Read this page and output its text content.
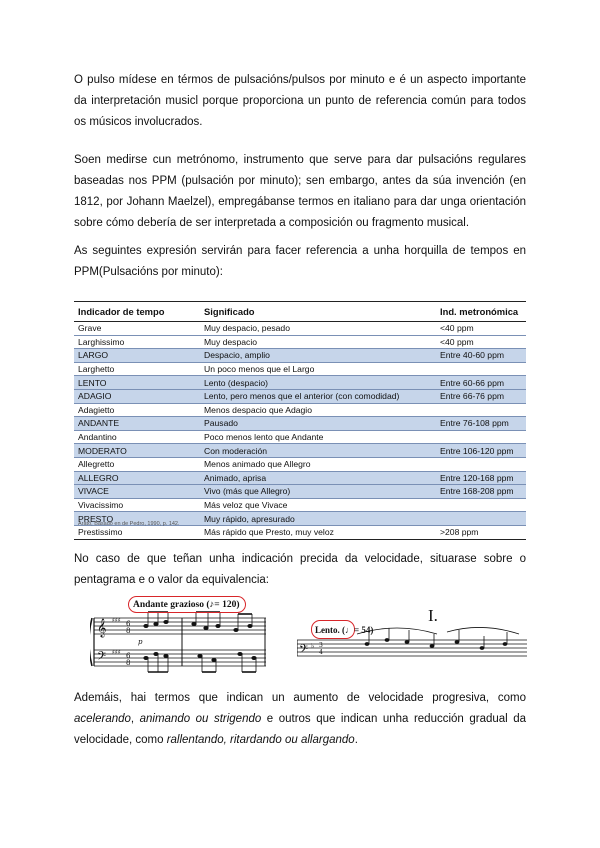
O pulso mídese en térmos de pulsacións/pulsos por minuto e é un aspecto importante da interpretación musicl porque proporciona un punto de referencia común para todos os músicos involucrados.
Soen medirse cun metrónomo, instrumento que serve para dar pulsacións regulares baseadas nos PPM (pulsación por minuto); sen embargo, antes da súa invención (en 1812, por Johann Maelzel), empregábanse termos en italiano para dar unga orientación sobre cómo debería de ser interpretada a composición ou fragmento musical.
As seguintes expresión servirán para facer referencia a unha horquilla de tempos en PPM(Pulsacións por minuto):
Indicador de tempo	Significado	Ind. metronómica
Grave	Muy despacio, pesado	<40 ppm
Larghissimo	Muy despacio	<40 ppm
LARGO	Despacio, amplio	Entre 40-60 ppm
Larghetto	Un poco menos que el Largo	
LENTO	Lento (despacio)	Entre 60-66 ppm
ADAGIO	Lento, pero menos que el anterior (con comodidad)	Entre 66-76 ppm
Adagietto	Menos despacio que Adagio	
ANDANTE	Pausado	Entre 76-108 ppm
Andantino	Poco menos lento que Andante	
MODERATO	Con moderación	Entre 106-120 ppm
Allegretto	Menos animado que Allegro	
ALLEGRO	Animado, aprisa	Entre 120-168 ppm
VIVACE	Vivo (más que Allegro)	Entre 168-208 ppm
Vivacissimo	Más veloz que Vivace	
PRESTO	Muy rápido, apresurado	
Prestissimo	Más rápido que Presto, muy veloz	>208 ppm
Arato, Basado en de Pedro, 1990, p. 142.
No caso de que teñan unha indicación precida da velocidade, situarase sobre o pentagrama e o valor da equivalencia:
𝄞
𝄢
♯♯♯
♯♯♯
6
8
6
8
p
Andante grazioso (♪= 120)
𝄢 ♭ 3
4
Lento. (♩= 54)
I.
Ademáis, hai termos que indican un aumento de velocidade progresiva, como acelerando, animando ou strigendo e outros que indican unha reducción gradual da velocidade, como rallentando, ritardando ou allargando.
